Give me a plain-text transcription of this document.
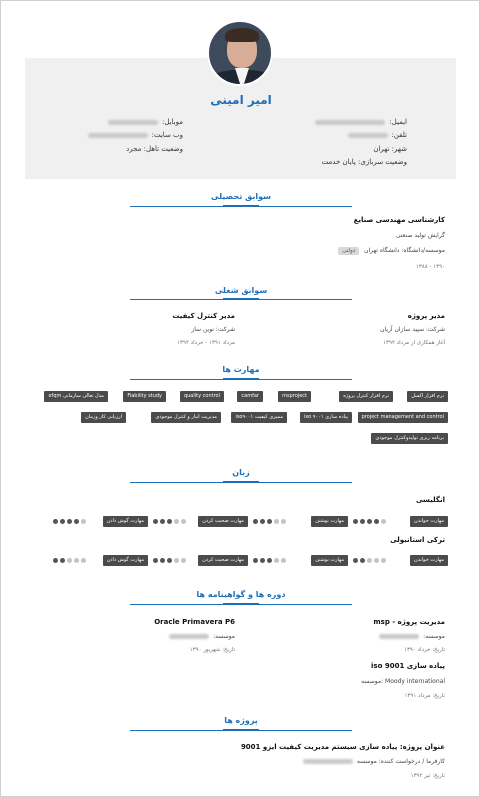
امیر امینی
ایمیل:
تلفن:
شهر: تهران
وضعیت سربازی: پایان خدمت
موبایل:
وب سایت:
وضعیت تاهل: مجرد
سوابق تحصیلی
کارشناسی مهندسی صنایع
گرایش تولید صنعتی
موسسه/دانشگاه: دانشگاه تهران دولتی
۱۳۹۰ - ۱۳۸۸
سوابق شغلی
مدیر پروژه
شرکت: سپید سازان آریان
آغاز همکاری از مرداد ۱۳۹۴
مدیر کنترل کیفیت
شرکت: نوین ساز
مرداد ۱۳۹۱ - خرداد ۱۳۹۴
مهارت ها
نرم افزار اکسل
نرم افزار کنترل پروژه
msproject
camfar
quality control
Fiability study
مدل تعالی سازمانی efqm
project management and control
پیاده سازی iso ۹۰۰۱
ممیزی کیفیت iso۹۰۰۱
مدیریت انبار و کنترل موجودی
ارزیابی کار وزمان
برنامه ریزی تولیدوکنترل موجودی
زبان
انگلیسی
ترکی استانبولی
مهارت خواندن
مهارت نوشتن
مهارت صحبت کردن
مهارت گوش دادن
مهارت خواندن
مهارت نوشتن
مهارت صحبت کردن
مهارت گوش دادن
دوره ها و گواهینامه ها
مدیریت پروژه - msp
موسسه:
تاریخ: خرداد ۱۳۹۰
Oracle Primavera P6
موسسه:
تاریخ: شهریور ۱۳۹۰
پیاده سازی iso 9001
Moody international :موسسه
تاریخ: مرداد ۱۳۹۱
پروژه ها
عنوان پروژه: پیاده سازی سیستم مدیریت کیفیت ایزو 9001
کارفرما / درخواست کننده: موسسه
تاریخ: تیر ۱۳۹۲
